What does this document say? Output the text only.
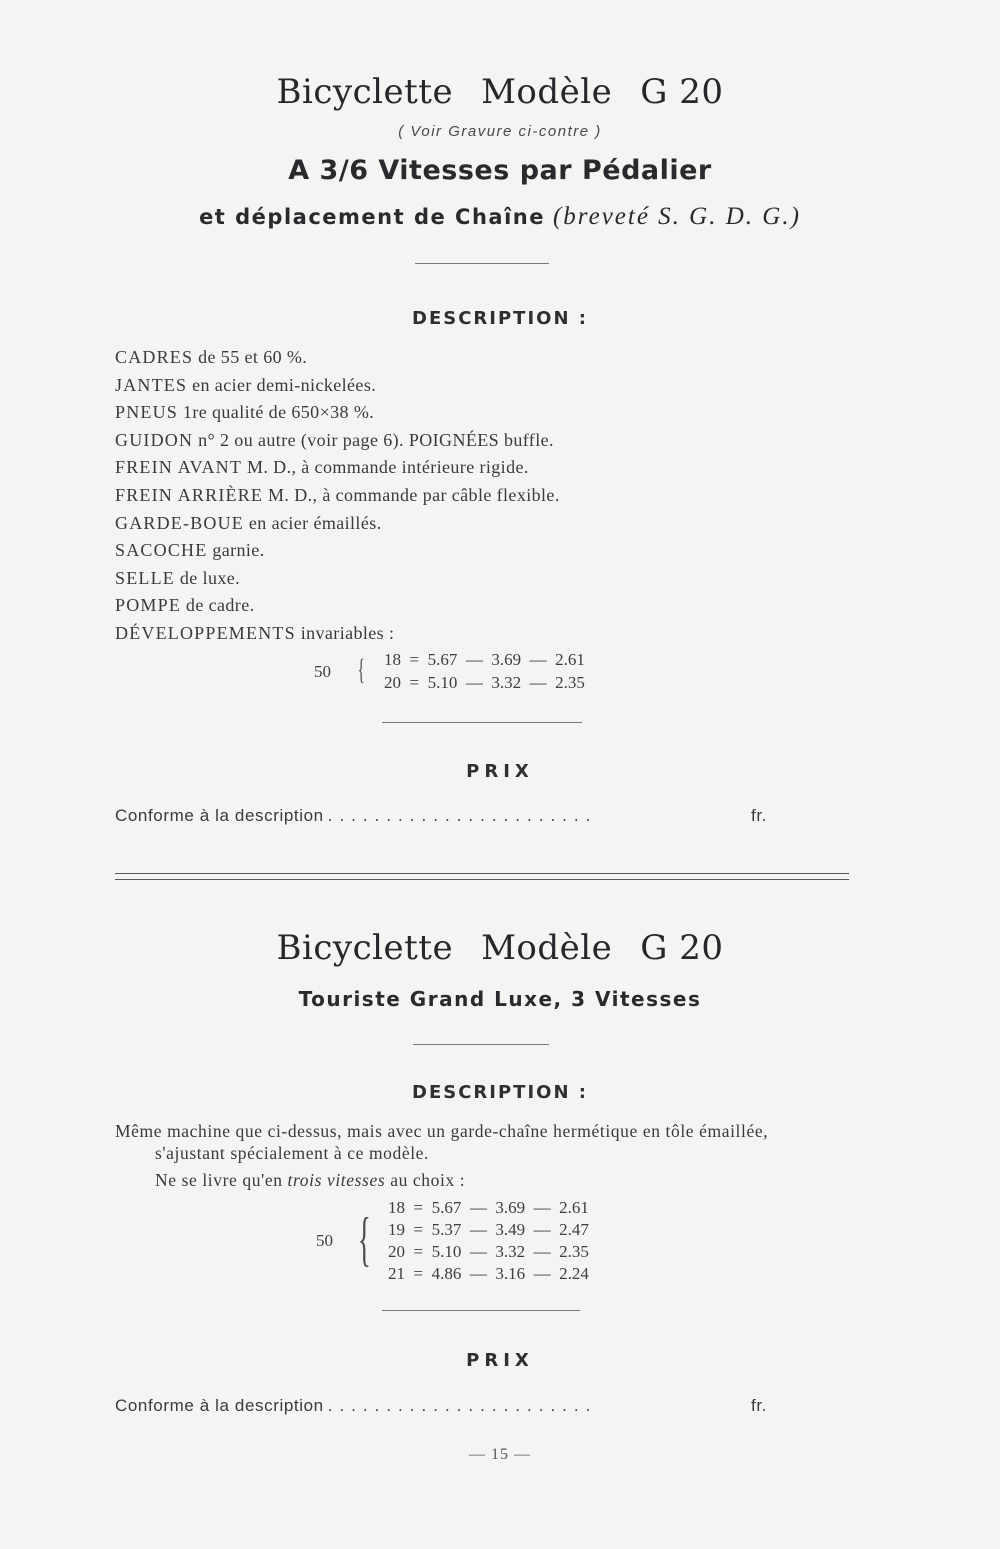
Bicyclette Modèle G 20
( Voir Gravure ci-contre )
A 3/6 Vitesses par Pédalier
et déplacement de Chaîne (breveté S. G. D. G.)
DESCRIPTION :
CADRES de 55 et 60 %.
JANTES en acier demi-nickelées.
PNEUS 1re qualité de 650×38 %.
GUIDON n° 2 ou autre (voir page 6). POIGNÉES buffle.
FREIN AVANT M. D., à commande intérieure rigide.
FREIN ARRIÈRE M. D., à commande par câble flexible.
GARDE-BOUE en acier émaillés.
SACOCHE garnie.
SELLE de luxe.
POMPE de cadre.
DÉVELOPPEMENTS invariables :
50 { 18  =  5.67  —  3.69  —  2.61
20  =  5.10  —  3.32  —  2.35
PRIX
Conforme à la description .......................	fr.
Bicyclette Modèle G 20
Touriste Grand Luxe, 3 Vitesses
DESCRIPTION :
Même machine que ci-dessus, mais avec un garde-chaîne hermétique en tôle émaillée,
s'ajustant spécialement à ce modèle.
Ne se livre qu'en trois vitesses au choix :
50 { 18  =  5.67  —  3.69  —  2.61
19  =  5.37  —  3.49  —  2.47
20  =  5.10  —  3.32  —  2.35
21  =  4.86  —  3.16  —  2.24
PRIX
Conforme à la description .......................	fr.
— 15 —
